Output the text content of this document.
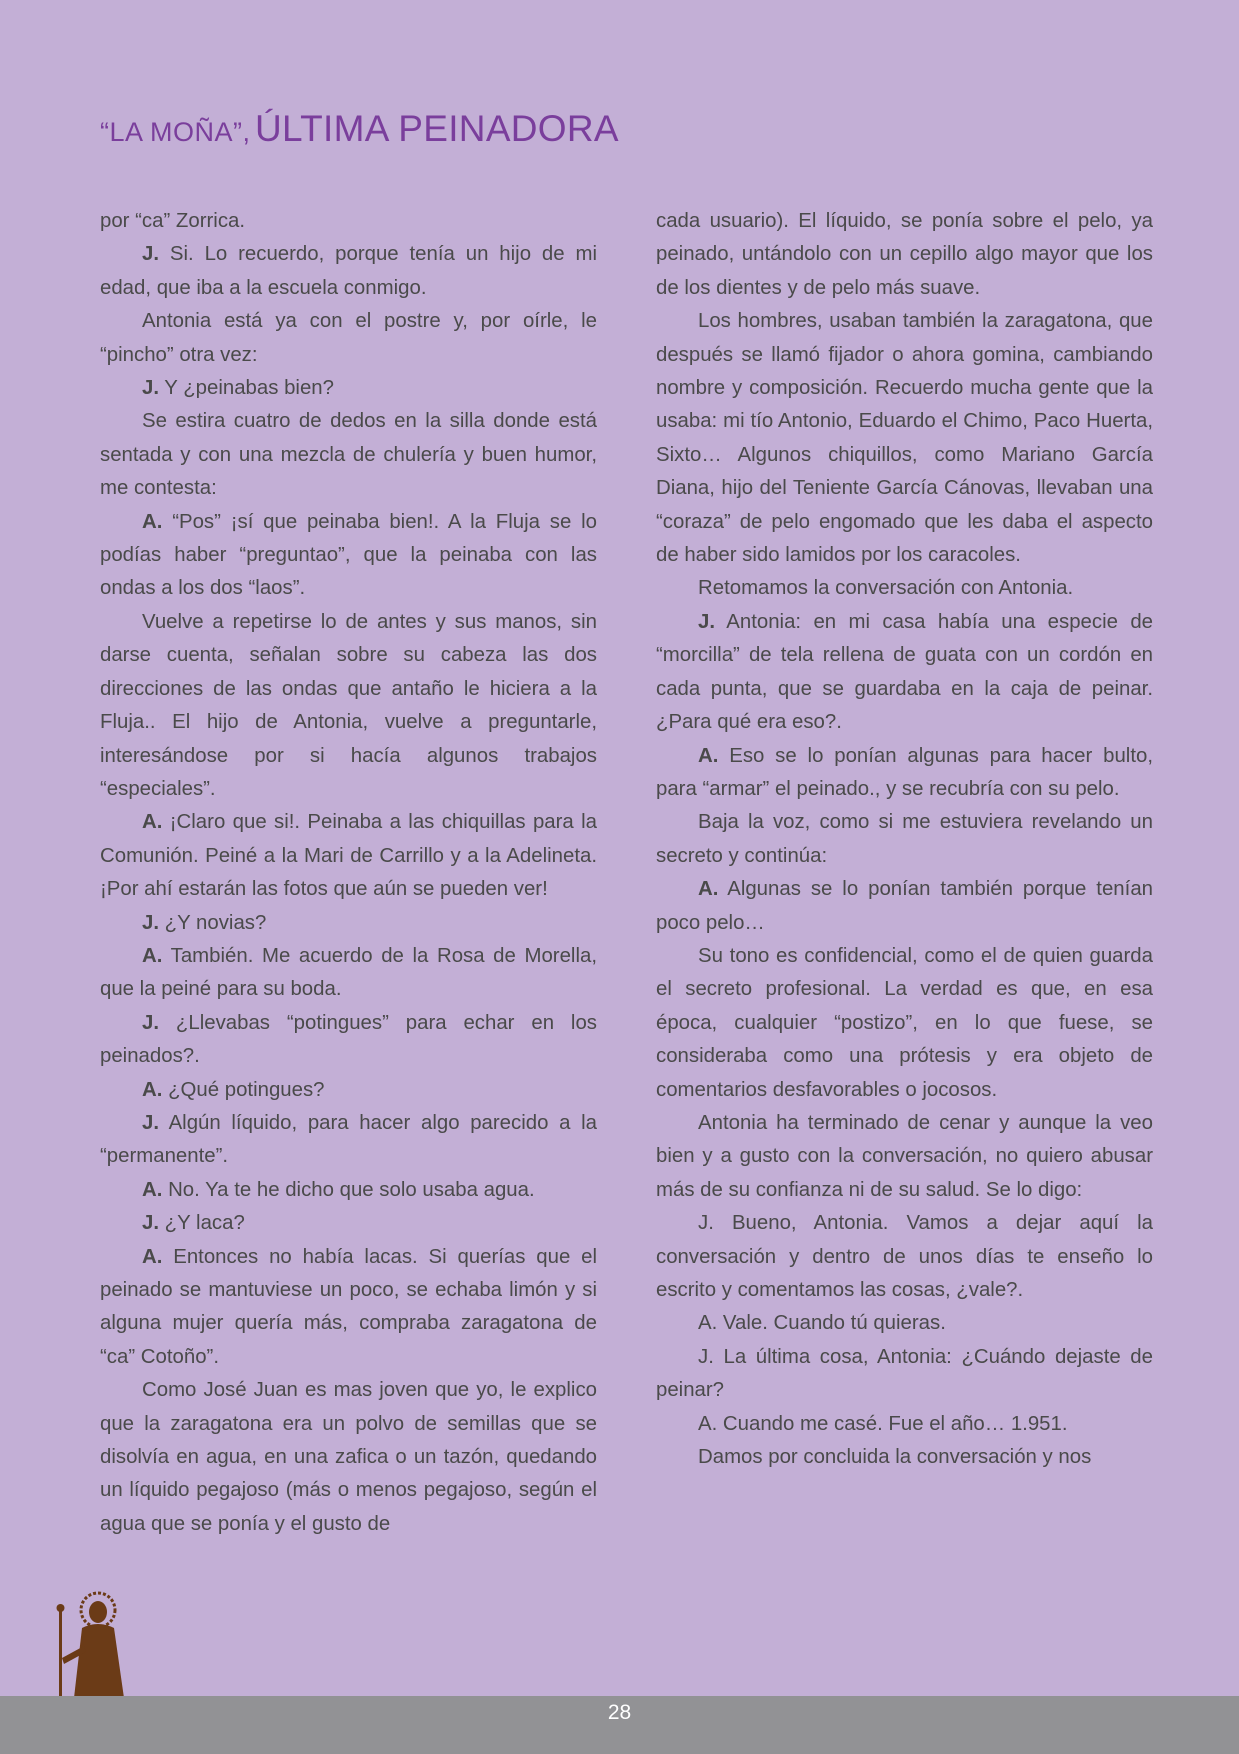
“LA MOÑA”, ÚLTIMA PEINADORA

por “ca” Zorrica.

J. Si. Lo recuerdo, porque tenía un hijo de mi edad, que iba a la escuela conmigo.

Antonia está ya con el postre y, por oírle, le “pincho” otra vez:

J. Y ¿peinabas bien?

Se estira cuatro de dedos en la silla donde está sentada y con una mezcla de chulería y buen humor, me contesta:

A. “Pos” ¡sí que peinaba bien!. A la Fluja se lo podías haber “preguntao”, que la peinaba con las ondas a los dos “laos”.

Vuelve a repetirse lo de antes y sus manos, sin darse cuenta, señalan sobre su cabeza las dos direcciones de las ondas que antaño le hiciera a la Fluja.. El hijo de Antonia, vuelve a preguntarle, interesándose por si hacía algunos trabajos “especiales”.

A. ¡Claro que si!. Peinaba a las chiquillas para la Comunión. Peiné a la Mari de Carrillo y a la Adelineta. ¡Por ahí estarán las fotos que aún se pueden ver!

J. ¿Y novias?

A. También. Me acuerdo de la Rosa de Morella, que la peiné para su boda.

J. ¿Llevabas “potingues” para echar en los peinados?.

A. ¿Qué potingues?

J. Algún líquido, para hacer algo parecido a la “permanente”.

A. No. Ya te he dicho que solo usaba agua.

J. ¿Y laca?

A. Entonces no había lacas. Si querías que el peinado se mantuviese un poco, se echaba limón y si alguna mujer quería más, compraba zaragatona de “ca” Cotoño”.

Como José Juan es mas joven que yo, le explico que la zaragatona era un polvo de semillas que se disolvía en agua, en una zafica o un tazón, quedando un líquido pegajoso (más o menos pegajoso, según el agua que se ponía y el gusto de

cada usuario). El líquido, se ponía sobre el pelo, ya peinado, untándolo con un cepillo algo mayor que los de los dientes y de pelo más suave.

Los hombres, usaban también la zaragatona, que después se llamó fijador o ahora gomina, cambiando nombre y composición. Recuerdo mucha gente que la usaba: mi tío Antonio, Eduardo el Chimo, Paco Huerta, Sixto… Algunos chiquillos, como Mariano García Diana, hijo del Teniente García Cánovas, llevaban una “coraza” de pelo engomado que les daba el aspecto de haber sido lamidos por los caracoles.

Retomamos la conversación con Antonia.

J. Antonia: en mi casa había una especie de “morcilla” de tela rellena de guata con un cordón en cada punta, que se guardaba en la caja de peinar. ¿Para qué era eso?.

A. Eso se lo ponían algunas para hacer bulto, para “armar” el peinado., y se recubría con su pelo.

Baja la voz, como si me estuviera revelando un secreto y continúa:

A. Algunas se lo ponían también porque tenían poco pelo…

Su tono es confidencial, como el de quien guarda el secreto profesional. La verdad es que, en esa época, cualquier “postizo”, en lo que fuese, se consideraba como una prótesis y era objeto de comentarios desfavorables o jocosos.

Antonia ha terminado de cenar y aunque la veo bien y a gusto con la conversación, no quiero abusar más de su confianza ni de su salud. Se lo digo:

J. Bueno, Antonia. Vamos a dejar aquí la conversación y dentro de unos días te enseño lo escrito y comentamos las cosas, ¿vale?.

A. Vale. Cuando tú quieras.

J. La última cosa, Antonia: ¿Cuándo dejaste de peinar?

A. Cuando me casé. Fue el año… 1.951.

Damos por concluida la conversación y nos

28
